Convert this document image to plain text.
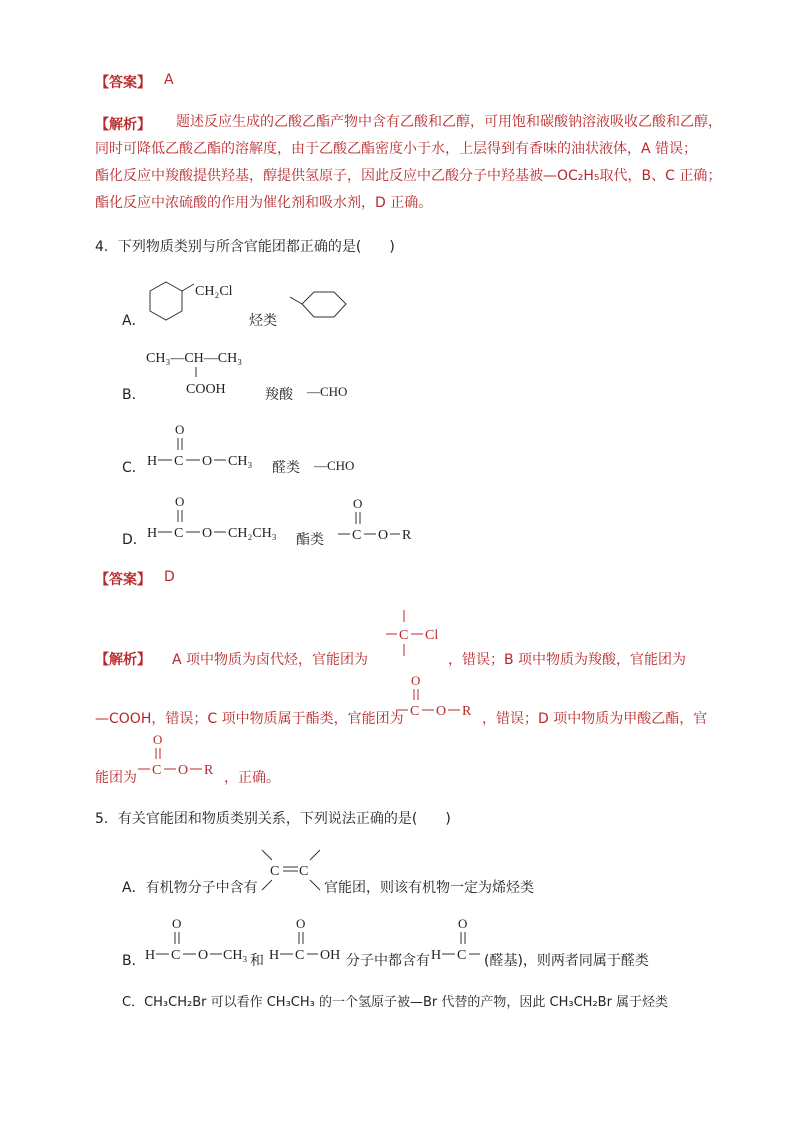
【答案】 A
【解析】 题述反应生成的乙酸乙酯产物中含有乙酸和乙醇，可用饱和碳酸钠溶液吸收乙酸和乙醇，
同时可降低乙酸乙酯的溶解度，由于乙酸乙酯密度小于水，上层得到有香味的油状液体，A 错误；
酯化反应中羧酸提供羟基，醇提供氢原子，因此反应中乙酸分子中羟基被—OC₂H₅取代，B、C 正确；
酯化反应中浓硫酸的作用为催化剂和吸水剂，D 正确。
4．下列物质类别与所含官能团都正确的是(　　)
A．
CH₂Cl
烃类
B．
CH₃—CH—CH₃
COOH	羧酸 —CHO
C．
O
H C O CH₃ 醛类 —CHO
D．
O
H C O CH₂CH₃ 酯类
O
C O R
【答案】 D
【解析】 A 项中物质为卤代烃，官能团为
C Cl
，错误；B 项中物质为羧酸，官能团为
—COOH，错误；C 项中物质属于酯类，官能团为
O
C O R ，错误；D 项中物质为甲酸乙酯，官
能团为
O
C O R ，正确。
5．有关官能团和物质类别关系，下列说法正确的是(　　)
A．有机物分子中含有
C C
官能团，则该有机物一定为烯烃类
B．
O
H C O CH₃ 和
O
H C OH 分子中都含有
O
H C (醛基)，则两者同属于醛类
C．CH₃CH₂Br 可以看作 CH₃CH₃ 的一个氢原子被—Br 代替的产物，因此 CH₃CH₂Br 属于烃类
